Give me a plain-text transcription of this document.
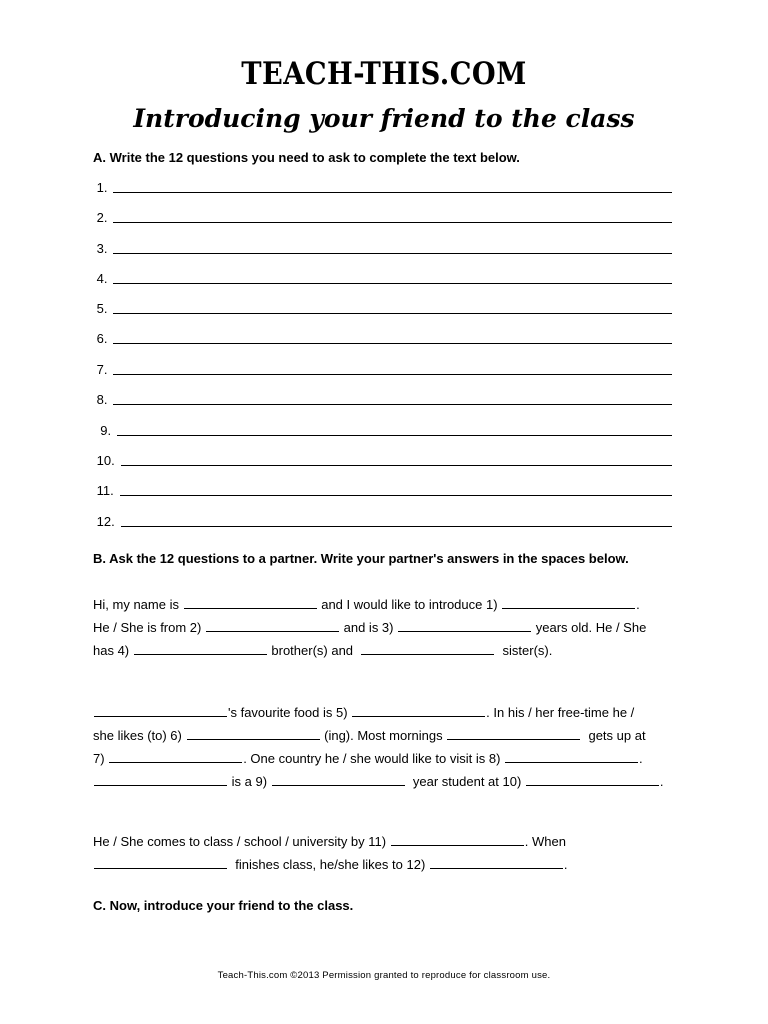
TEACH-THIS.COM
Introducing your friend to the class
A. Write the 12 questions you need to ask to complete the text below.
1.
2.
3.
4.
5.
6.
7.
8.
9.
10.
11.
12.
B. Ask the 12 questions to a partner. Write your partner's answers in the spaces below.
Hi, my name is	and I would like to introduce 1)	.
He / She is from 2)	and is 3)	years old. He / She
has 4)	brother(s) and	sister(s).
's favourite food is 5)	. In his / her free-time he /
she likes (to) 6)	(ing). Most mornings	gets up at
7)	. One country he / she would like to visit is 8)	.
is a 9)	year student at 10)	.
He / She comes to class / school / university by 11)	. When
finishes class, he/she likes to 12)	.
C. Now, introduce your friend to the class.
Teach-This.com ©2013 Permission granted to reproduce for classroom use.
